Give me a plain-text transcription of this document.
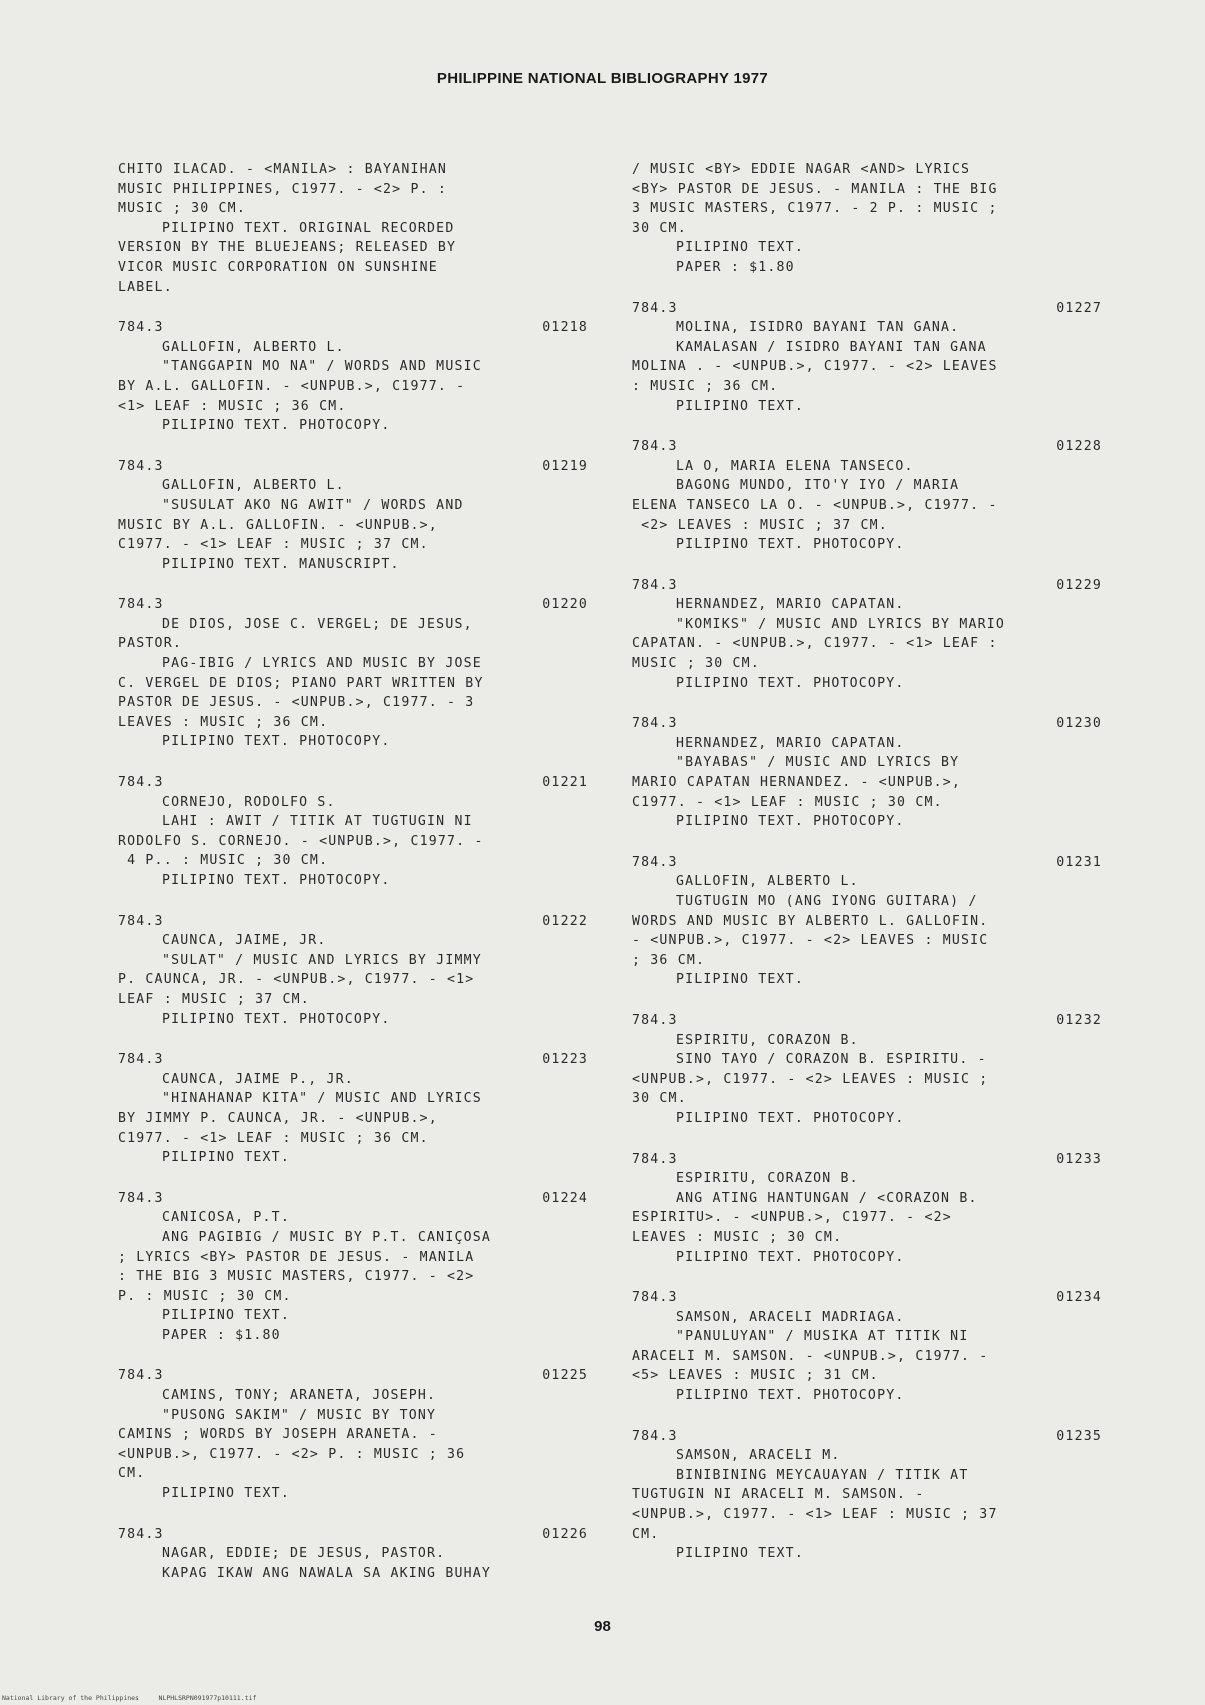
PHILIPPINE NATIONAL BIBLIOGRAPHY 1977
CHITO ILACAD. - <MANILA> : BAYANIHAN
MUSIC PHILIPPINES, C1977. - <2> P. :
MUSIC ; 30 CM.
PILIPINO TEXT. ORIGINAL RECORDED
VERSION BY THE BLUEJEANS; RELEASED BY
VICOR MUSIC CORPORATION ON SUNSHINE
LABEL.
784.3	01218
GALLOFIN, ALBERTO L.
"TANGGAPIN MO NA" / WORDS AND MUSIC
BY A.L. GALLOFIN. - <UNPUB.>, C1977. -
<1> LEAF : MUSIC ; 36 CM.
PILIPINO TEXT. PHOTOCOPY.
784.3	01219
GALLOFIN, ALBERTO L.
"SUSULAT AKO NG AWIT" / WORDS AND
MUSIC BY A.L. GALLOFIN. - <UNPUB.>,
C1977. - <1> LEAF : MUSIC ; 37 CM.
PILIPINO TEXT. MANUSCRIPT.
784.3	01220
DE DIOS, JOSE C. VERGEL; DE JESUS,
PASTOR.
PAG-IBIG / LYRICS AND MUSIC BY JOSE
C. VERGEL DE DIOS; PIANO PART WRITTEN BY
PASTOR DE JESUS. - <UNPUB.>, C1977. - 3
LEAVES : MUSIC ; 36 CM.
PILIPINO TEXT. PHOTOCOPY.
784.3	01221
CORNEJO, RODOLFO S.
LAHI : AWIT / TITIK AT TUGTUGIN NI
RODOLFO S. CORNEJO. - <UNPUB.>, C1977. -
4 P.. : MUSIC ; 30 CM.
PILIPINO TEXT. PHOTOCOPY.
784.3	01222
CAUNCA, JAIME, JR.
"SULAT" / MUSIC AND LYRICS BY JIMMY
P. CAUNCA, JR. - <UNPUB.>, C1977. - <1>
LEAF : MUSIC ; 37 CM.
PILIPINO TEXT. PHOTOCOPY.
784.3	01223
CAUNCA, JAIME P., JR.
"HINAHANAP KITA" / MUSIC AND LYRICS
BY JIMMY P. CAUNCA, JR. - <UNPUB.>,
C1977. - <1> LEAF : MUSIC ; 36 CM.
PILIPINO TEXT.
784.3	01224
CANICOSA, P.T.
ANG PAGIBIG / MUSIC BY P.T. CANIÇOSA
; LYRICS <BY> PASTOR DE JESUS. - MANILA
: THE BIG 3 MUSIC MASTERS, C1977. - <2>
P. : MUSIC ; 30 CM.
PILIPINO TEXT.
PAPER : $1.80
784.3	01225
CAMINS, TONY; ARANETA, JOSEPH.
"PUSONG SAKIM" / MUSIC BY TONY
CAMINS ; WORDS BY JOSEPH ARANETA. -
<UNPUB.>, C1977. - <2> P. : MUSIC ; 36
CM.
PILIPINO TEXT.
784.3	01226
NAGAR, EDDIE; DE JESUS, PASTOR.
KAPAG IKAW ANG NAWALA SA AKING BUHAY
/ MUSIC <BY> EDDIE NAGAR <AND> LYRICS
<BY> PASTOR DE JESUS. - MANILA : THE BIG
3 MUSIC MASTERS, C1977. - 2 P. : MUSIC ;
30 CM.
PILIPINO TEXT.
PAPER : $1.80
784.3	01227
MOLINA, ISIDRO BAYANI TAN GANA.
KAMALASAN / ISIDRO BAYANI TAN GANA
MOLINA . - <UNPUB.>, C1977. - <2> LEAVES
: MUSIC ; 36 CM.
PILIPINO TEXT.
784.3	01228
LA O, MARIA ELENA TANSECO.
BAGONG MUNDO, ITO'Y IYO / MARIA
ELENA TANSECO LA O. - <UNPUB.>, C1977. -
<2> LEAVES : MUSIC ; 37 CM.
PILIPINO TEXT. PHOTOCOPY.
784.3	01229
HERNANDEZ, MARIO CAPATAN.
"KOMIKS" / MUSIC AND LYRICS BY MARIO
CAPATAN. - <UNPUB.>, C1977. - <1> LEAF :
MUSIC ; 30 CM.
PILIPINO TEXT. PHOTOCOPY.
784.3	01230
HERNANDEZ, MARIO CAPATAN.
"BAYABAS" / MUSIC AND LYRICS BY
MARIO CAPATAN HERNANDEZ. - <UNPUB.>,
C1977. - <1> LEAF : MUSIC ; 30 CM.
PILIPINO TEXT. PHOTOCOPY.
784.3	01231
GALLOFIN, ALBERTO L.
TUGTUGIN MO (ANG IYONG GUITARA) /
WORDS AND MUSIC BY ALBERTO L. GALLOFIN.
- <UNPUB.>, C1977. - <2> LEAVES : MUSIC
; 36 CM.
PILIPINO TEXT.
784.3	01232
ESPIRITU, CORAZON B.
SINO TAYO / CORAZON B. ESPIRITU. -
<UNPUB.>, C1977. - <2> LEAVES : MUSIC ;
30 CM.
PILIPINO TEXT. PHOTOCOPY.
784.3	01233
ESPIRITU, CORAZON B.
ANG ATING HANTUNGAN / <CORAZON B.
ESPIRITU>. - <UNPUB.>, C1977. - <2>
LEAVES : MUSIC ; 30 CM.
PILIPINO TEXT. PHOTOCOPY.
784.3	01234
SAMSON, ARACELI MADRIAGA.
"PANULUYAN" / MUSIKA AT TITIK NI
ARACELI M. SAMSON. - <UNPUB.>, C1977. -
<5> LEAVES : MUSIC ; 31 CM.
PILIPINO TEXT. PHOTOCOPY.
784.3	01235
SAMSON, ARACELI M.
BINIBINING MEYCAUAYAN / TITIK AT
TUGTUGIN NI ARACELI M. SAMSON. -
<UNPUB.>, C1977. - <1> LEAF : MUSIC ; 37
CM.
PILIPINO TEXT.
98
National Library of the Philippines     NLPHLSRPN091977p10111.tif
